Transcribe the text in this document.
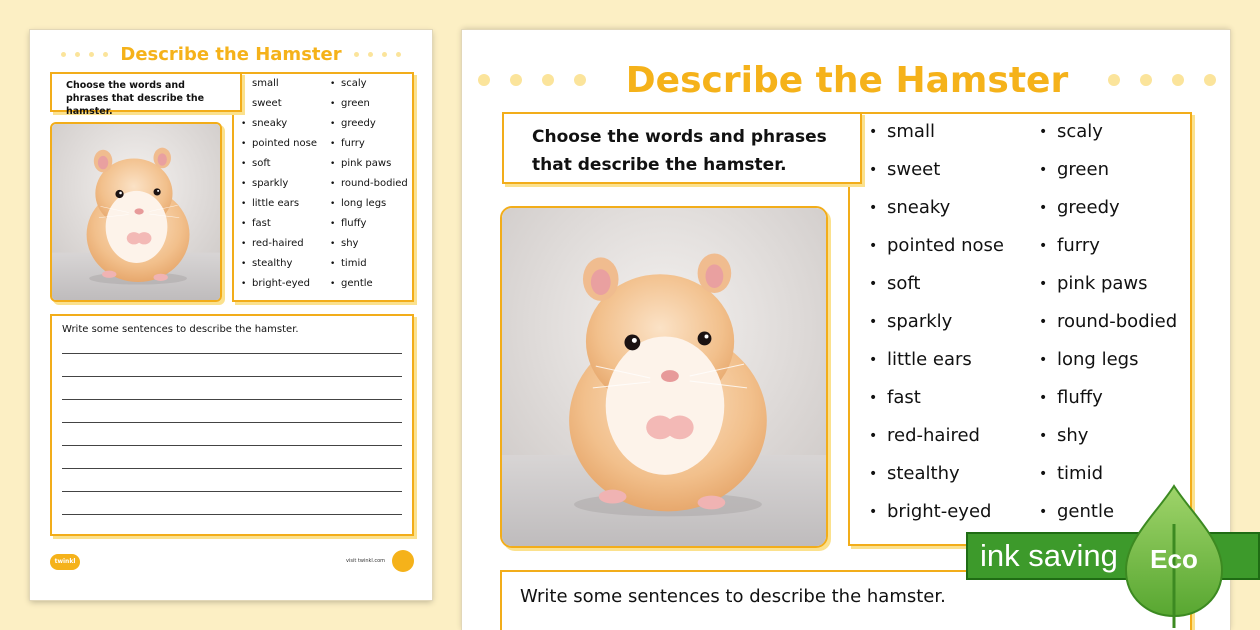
Describe the Hamster
• small
• sweet
• sneaky
• pointed nose
• soft
• sparkly
• little ears
• fast
• red-haired
• stealthy
• bright-eyed
• scaly
• green
• greedy
• furry
• pink paws
• round-bodied
• long legs
• fluffy
• shy
• timid
• gentle
Choose the words and phrases that describe the hamster.
Write some sentences to describe the hamster.
twinkl	visit twinkl.com
Describe the Hamster
• small
• sweet
• sneaky
• pointed nose
• soft
• sparkly
• little ears
• fast
• red-haired
• stealthy
• bright-eyed
• scaly
• green
• greedy
• furry
• pink paws
• round-bodied
• long legs
• fluffy
• shy
• timid
• gentle
Choose the words and phrases that describe the hamster.
Write some sentences to describe the hamster.
ink saving	Eco
